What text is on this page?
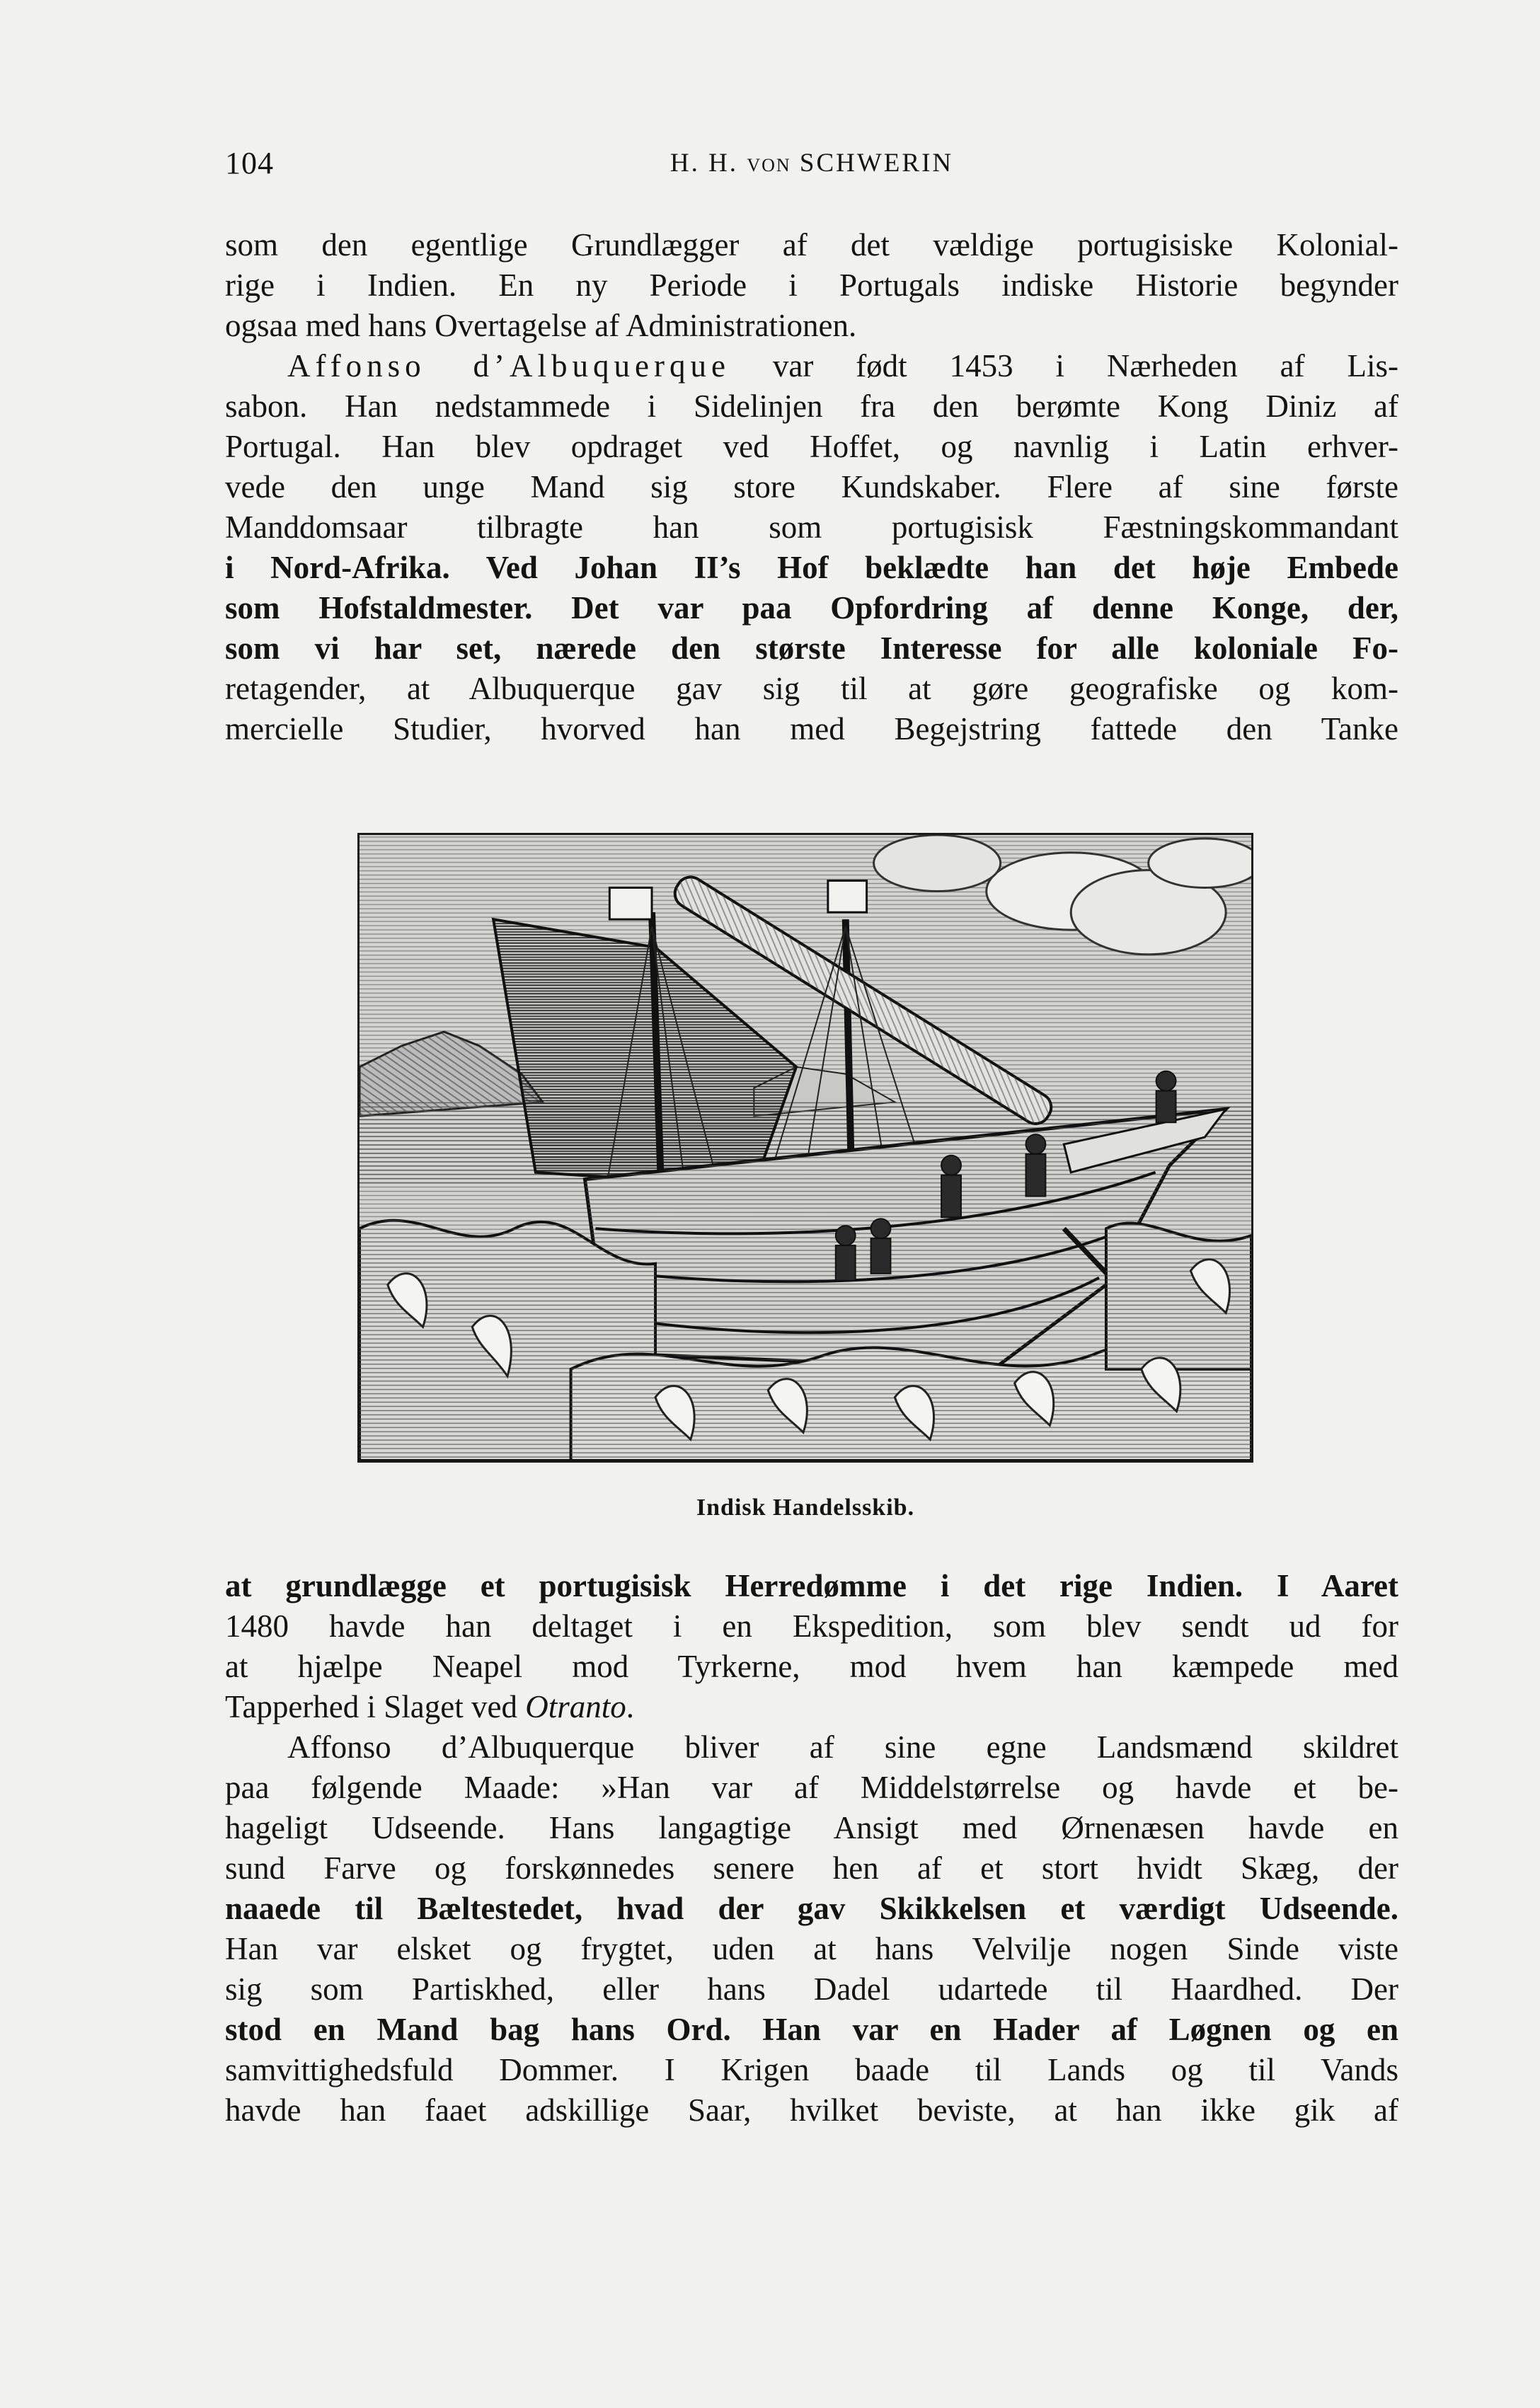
104	H. H. VON SCHWERIN
som den egentlige Grundlægger af det vældige portugisiske Kolonial-
rige i Indien. En ny Periode i Portugals indiske Historie begynder
ogsaa med hans Overtagelse af Administrationen.
Affonso d’Albuquerque var født 1453 i Nærheden af Lis-
sabon. Han nedstammede i Sidelinjen fra den berømte Kong Diniz af
Portugal. Han blev opdraget ved Hoffet, og navnlig i Latin erhver-
vede den unge Mand sig store Kundskaber. Flere af sine første
Manddomsaar tilbragte han som portugisisk Fæstningskommandant
i Nord-Afrika. Ved Johan II’s Hof beklædte han det høje Embede
som Hofstaldmester. Det var paa Opfordring af denne Konge, der,
som vi har set, nærede den største Interesse for alle koloniale Fo-
retagender, at Albuquerque gav sig til at gøre geografiske og kom-
mercielle Studier, hvorved han med Begejstring fattede den Tanke
Indisk Handelsskib.
at grundlægge et portugisisk Herredømme i det rige Indien. I Aaret
1480 havde han deltaget i en Ekspedition, som blev sendt ud for
at hjælpe Neapel mod Tyrkerne, mod hvem han kæmpede med
Tapperhed i Slaget ved Otranto.
Affonso d’Albuquerque bliver af sine egne Landsmænd skildret
paa følgende Maade: »Han var af Middelstørrelse og havde et be-
hageligt Udseende. Hans langagtige Ansigt med Ørnenæsen havde en
sund Farve og forskønnedes senere hen af et stort hvidt Skæg, der
naaede til Bæltestedet, hvad der gav Skikkelsen et værdigt Udseende.
Han var elsket og frygtet, uden at hans Velvilje nogen Sinde viste
sig som Partiskhed, eller hans Dadel udartede til Haardhed. Der
stod en Mand bag hans Ord. Han var en Hader af Løgnen og en
samvittighedsfuld Dommer. I Krigen baade til Lands og til Vands
havde han faaet adskillige Saar, hvilket beviste, at han ikke gik af
